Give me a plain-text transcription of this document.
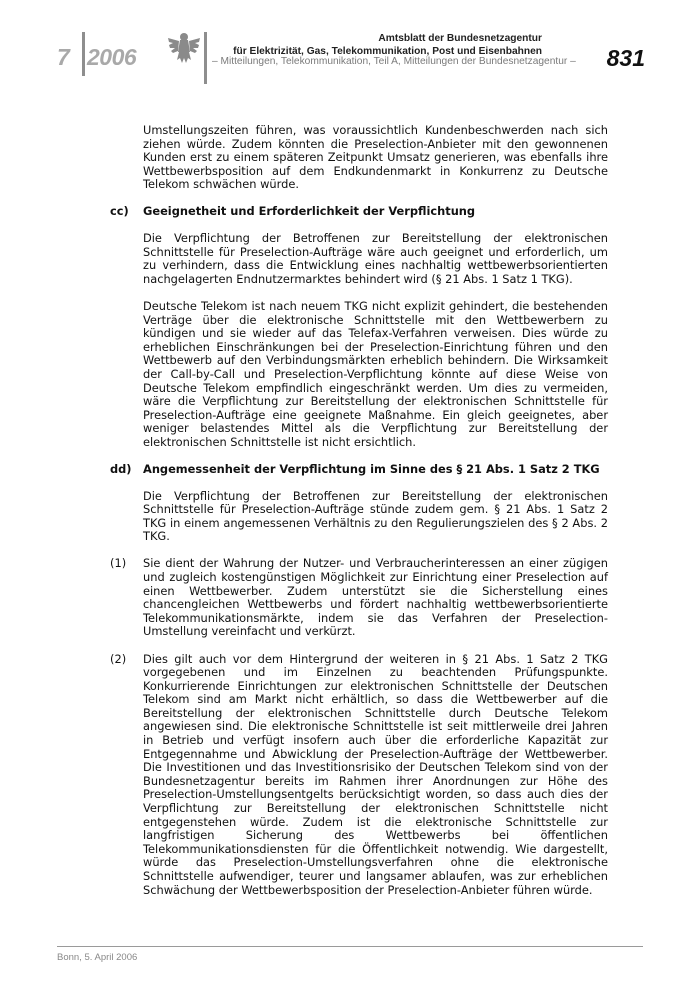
7 2006
Amtsblatt der Bundesnetzagentur
für Elektrizität, Gas, Telekommunikation, Post und Eisenbahnen
– Mitteilungen, Telekommunikation, Teil A, Mitteilungen der Bundesnetzagentur – 831

Umstellungszeiten führen, was voraussichtlich Kundenbeschwerden nach sich ziehen würde. Zudem könnten die Preselection-Anbieter mit den gewonnenen Kunden erst zu einem späteren Zeitpunkt Umsatz generieren, was ebenfalls ihre Wettbewerbsposition auf dem Endkundenmarkt in Konkurrenz zu Deutsche Telekom schwächen würde.

cc)	Geeignetheit und Erforderlichkeit der Verpflichtung

Die Verpflichtung der Betroffenen zur Bereitstellung der elektronischen Schnittstelle für Preselection-Aufträge wäre auch geeignet und erforderlich, um zu verhindern, dass die Entwicklung eines nachhaltig wettbewerbsorientierten nachgelagerten Endnutzermarktes behindert wird (§ 21 Abs. 1 Satz 1 TKG).

Deutsche Telekom ist nach neuem TKG nicht explizit gehindert, die bestehenden Verträge über die elektronische Schnittstelle mit den Wettbewerbern zu kündigen und sie wieder auf das Telefax-Verfahren verweisen. Dies würde zu erheblichen Einschränkungen bei der Preselection-Einrichtung führen und den Wettbewerb auf den Verbindungsmärkten erheblich behindern. Die Wirksamkeit der Call-by-Call und Preselection-Verpflichtung könnte auf diese Weise von Deutsche Telekom empfindlich eingeschränkt werden. Um dies zu vermeiden, wäre die Verpflichtung zur Bereitstellung der elektronischen Schnittstelle für Preselection-Aufträge eine geeignete Maßnahme. Ein gleich geeignetes, aber weniger belastendes Mittel als die Verpflichtung zur Bereitstellung der elektronischen Schnittstelle ist nicht ersichtlich.

dd)	Angemessenheit der Verpflichtung im Sinne des § 21 Abs. 1 Satz 2 TKG

Die Verpflichtung der Betroffenen zur Bereitstellung der elektronischen Schnittstelle für Preselection-Aufträge stünde zudem gem. § 21 Abs. 1 Satz 2 TKG in einem angemessenen Verhältnis zu den Regulierungszielen des § 2 Abs. 2 TKG.

(1)	Sie dient der Wahrung der Nutzer- und Verbraucherinteressen an einer zügigen und zugleich kostengünstigen Möglichkeit zur Einrichtung einer Preselection auf einen Wettbewerber. Zudem unterstützt sie die Sicherstellung eines chancengleichen Wettbewerbs und fördert nachhaltig wettbewerbsorientierte Telekommunikationsmärkte, indem sie das Verfahren der Preselection-Umstellung vereinfacht und verkürzt.
(2)	Dies gilt auch vor dem Hintergrund der weiteren in § 21 Abs. 1 Satz 2 TKG vorgegebenen und im Einzelnen zu beachtenden Prüfungspunkte. Konkurrierende Einrichtungen zur elektronischen Schnittstelle der Deutschen Telekom sind am Markt nicht erhältlich, so dass die Wettbewerber auf die Bereitstellung der elektronischen Schnittstelle durch Deutsche Telekom angewiesen sind. Die elektronische Schnittstelle ist seit mittlerweile drei Jahren in Betrieb und verfügt insofern auch über die erforderliche Kapazität zur Entgegennahme und Abwicklung der Preselection-Aufträge der Wettbewerber. Die Investitionen und das Investitionsrisiko der Deutschen Telekom sind von der Bundesnetzagentur bereits im Rahmen ihrer Anordnungen zur Höhe des Preselection-Umstellungsentgelts berücksichtigt worden, so dass auch dies der Verpflichtung zur Bereitstellung der elektronischen Schnittstelle nicht entgegenstehen würde. Zudem ist die elektronische Schnittstelle zur langfristigen Sicherung des Wettbewerbs bei öffentlichen Telekommunikationsdiensten für die Öffentlichkeit notwendig. Wie dargestellt, würde das Preselection-Umstellungsverfahren ohne die elektronische Schnittstelle aufwendiger, teurer und langsamer ablaufen, was zur erheblichen Schwächung der Wettbewerbsposition der Preselection-Anbieter führen würde.
Bonn, 5. April 2006
